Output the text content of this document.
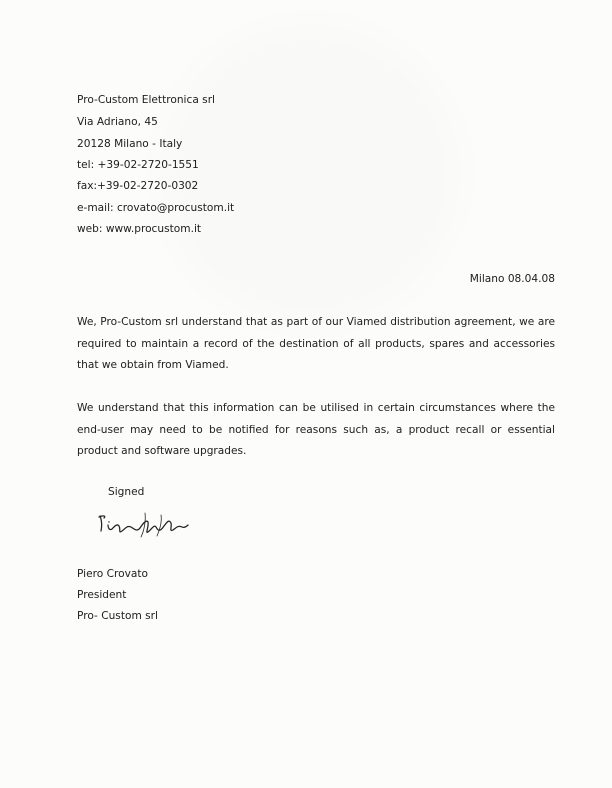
Pro-Custom Elettronica srl
Via Adriano, 45
20128 Milano - Italy
tel: +39-02-2720-1551
fax:+39-02-2720-0302
e-mail: crovato@procustom.it
web: www.procustom.it
Milano 08.04.08
We, Pro-Custom srl understand that as part of our Viamed distribution agreement, we are required to maintain a record of the destination of all products, spares and accessories that we obtain from Viamed.
We understand that this information can be utilised in certain circumstances where the end-user may need to be notified for reasons such as, a product recall or essential product and software upgrades.
Signed
Piero Crovato
President
Pro- Custom srl
